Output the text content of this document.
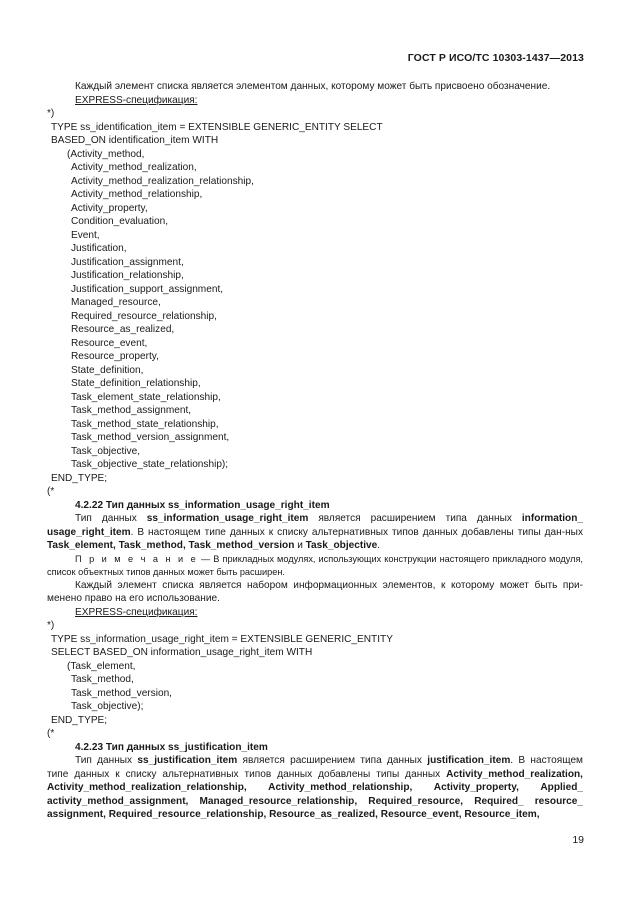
ГОСТ Р ИСО/ТС 10303-1437—2013

Каждый элемент списка является элементом данных, которому может быть присвоено обозначение.

EXPRESS-спецификация:

*)

TYPE ss_identification_item = EXTENSIBLE GENERIC_ENTITY SELECT

BASED_ON identification_item WITH

(Activity_method,

Activity_method_realization,

Activity_method_realization_relationship,

Activity_method_relationship,

Activity_property,

Condition_evaluation,

Event,

Justification,

Justification_assignment,

Justification_relationship,

Justification_support_assignment,

Managed_resource,

Required_resource_relationship,

Resource_as_realized,

Resource_event,

Resource_property,

State_definition,

State_definition_relationship,

Task_element_state_relationship,

Task_method_assignment,

Task_method_state_relationship,

Task_method_version_assignment,

Task_objective,

Task_objective_state_relationship);

END_TYPE;

(*

4.2.22 Тип данных ss_information_usage_right_item

Тип данных ss_information_usage_right_item является расширением типа данных information_ usage_right_item. В настоящем типе данных к списку альтернативных типов данных добавлены типы дан-ных Task_element, Task_method, Task_method_version и Task_objective.

П р и м е ч а н и е — В прикладных модулях, использующих конструкции настоящего прикладного модуля, список объектных типов данных может быть расширен.

Каждый элемент списка является набором информационных элементов, к которому может быть при-менено право на его использование.

EXPRESS-спецификация:

*)

TYPE ss_information_usage_right_item = EXTENSIBLE GENERIC_ENTITY

SELECT BASED_ON information_usage_right_item WITH

(Task_element,

Task_method,

Task_method_version,

Task_objective);

END_TYPE;

(*

4.2.23 Тип данных ss_justification_item

Тип данных ss_justification_item является расширением типа данных justification_item. В настоящем типе данных к списку альтернативных типов данных добавлены типы данных Activity_method_realization, Activity_method_realization_relationship, Activity_method_relationship, Activity_property, Applied_ activity_method_assignment, Managed_resource_relationship, Required_resource, Required_ resource_ assignment, Required_resource_relationship, Resource_as_realized, Resource_event, Resource_item,

19
